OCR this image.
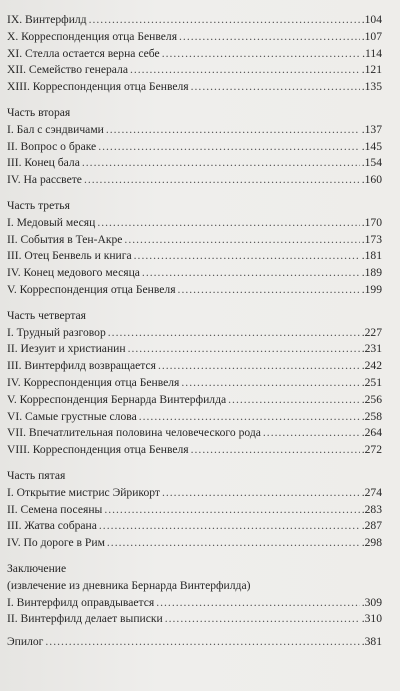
IX. Винтерфилд .....	.104
X. Корреспонденция отца Бенвеля .....	.107
XI. Стелла остается верна себе .....	.114
XII. Семейство генерала .....	.121
XIII. Корреспонденция отца Бенвеля .....	.135
Часть вторая
I. Бал с сэндвичами .....	.137
II. Вопрос о браке .....	.145
III. Конец бала .....	.154
IV. На рассвете .....	.160
Часть третья
I. Медовый месяц .....	.170
II. События в Тен-Акре .....	.173
III. Отец Бенвель и книга .....	.181
IV. Конец медового месяца .....	.189
V. Корреспонденция отца Бенвеля .....	.199
Часть четвертая
I. Трудный разговор .....	.227
II. Иезуит и христианин .....	.231
III. Винтерфилд возвращается .....	.242
IV. Корреспонденция отца Бенвеля .....	.251
V. Корреспонденция Бернарда Винтерфилда .....	.256
VI. Самые грустные слова .....	.258
VII. Впечатлительная половина человеческого рода .....	.264
VIII. Корреспонденция отца Бенвеля .....	.272
Часть пятая
I. Открытие мистрис Эйрикорт .....	.274
II. Семена посеяны .....	.283
III. Жатва собрана .....	.287
IV. По дороге в Рим .....	.298
Заключение
(извлечение из дневника Бернарда Винтерфилда)
I. Винтерфилд оправдывается .....	.309
II. Винтерфилд делает выписки .....	.310
Эпилог .....	.381
